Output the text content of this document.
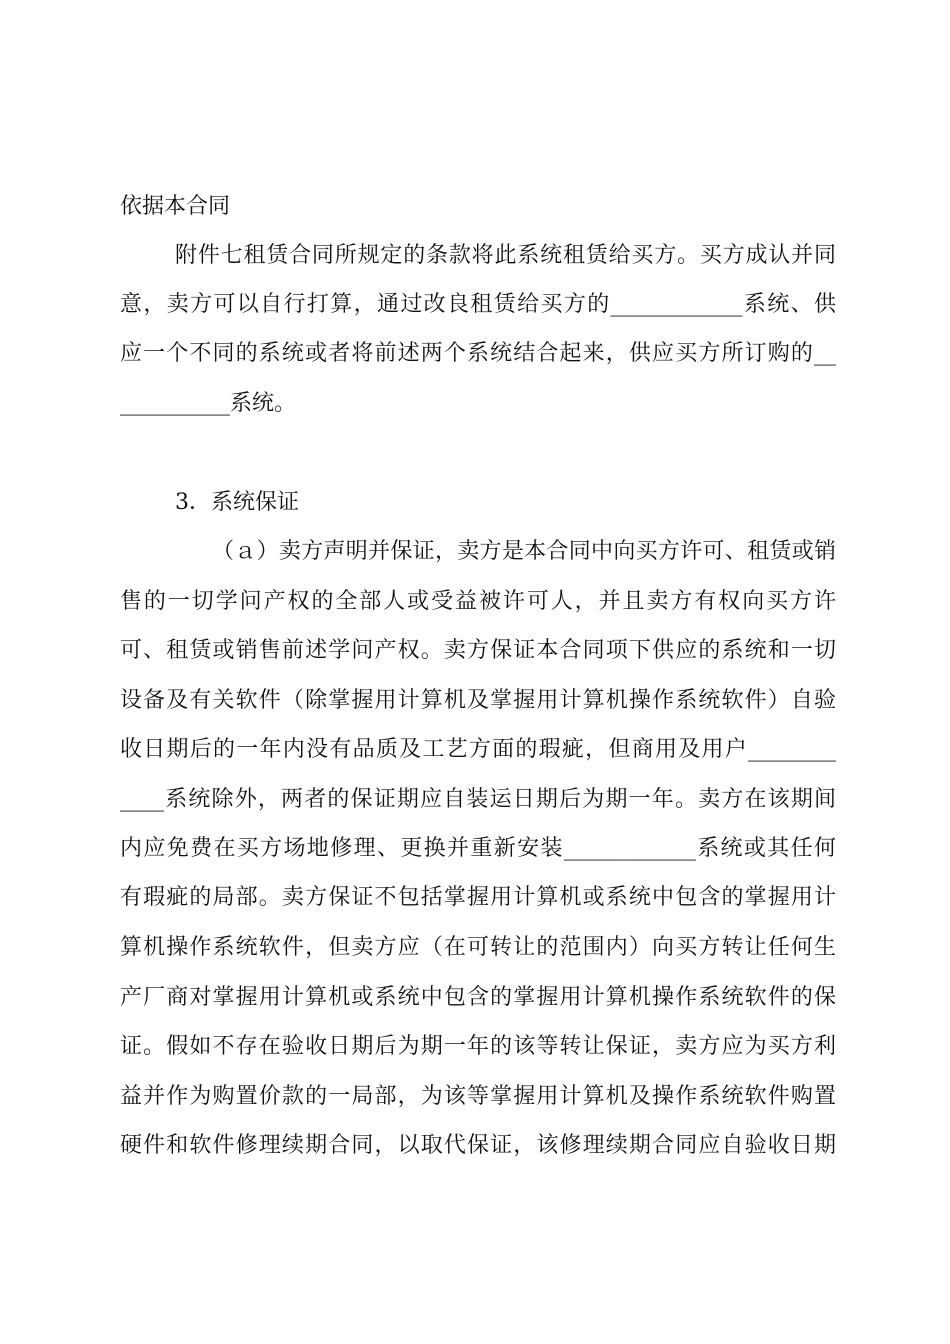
依据本合同
附件七租赁合同所规定的条款将此系统租赁给买方。买方成认并同
意，卖方可以自行打算，通过改良租赁给买方的____________系统、供
应一个不同的系统或者将前述两个系统结合起来，供应买方所订购的__
__________系统。
3．系统保证
（ａ）卖方声明并保证，卖方是本合同中向买方许可、租赁或销
售的一切学问产权的全部人或受益被许可人，并且卖方有权向买方许
可、租赁或销售前述学问产权。卖方保证本合同项下供应的系统和一切
设备及有关软件（除掌握用计算机及掌握用计算机操作系统软件）自验
收日期后的一年内没有品质及工艺方面的瑕疵，但商用及用户________
____系统除外，两者的保证期应自装运日期后为期一年。卖方在该期间
内应免费在买方场地修理、更换并重新安装____________系统或其任何
有瑕疵的局部。卖方保证不包括掌握用计算机或系统中包含的掌握用计
算机操作系统软件，但卖方应（在可转让的范围内）向买方转让任何生
产厂商对掌握用计算机或系统中包含的掌握用计算机操作系统软件的保
证。假如不存在验收日期后为期一年的该等转让保证，卖方应为买方利
益并作为购置价款的一局部，为该等掌握用计算机及操作系统软件购置
硬件和软件修理续期合同，以取代保证，该修理续期合同应自验收日期
